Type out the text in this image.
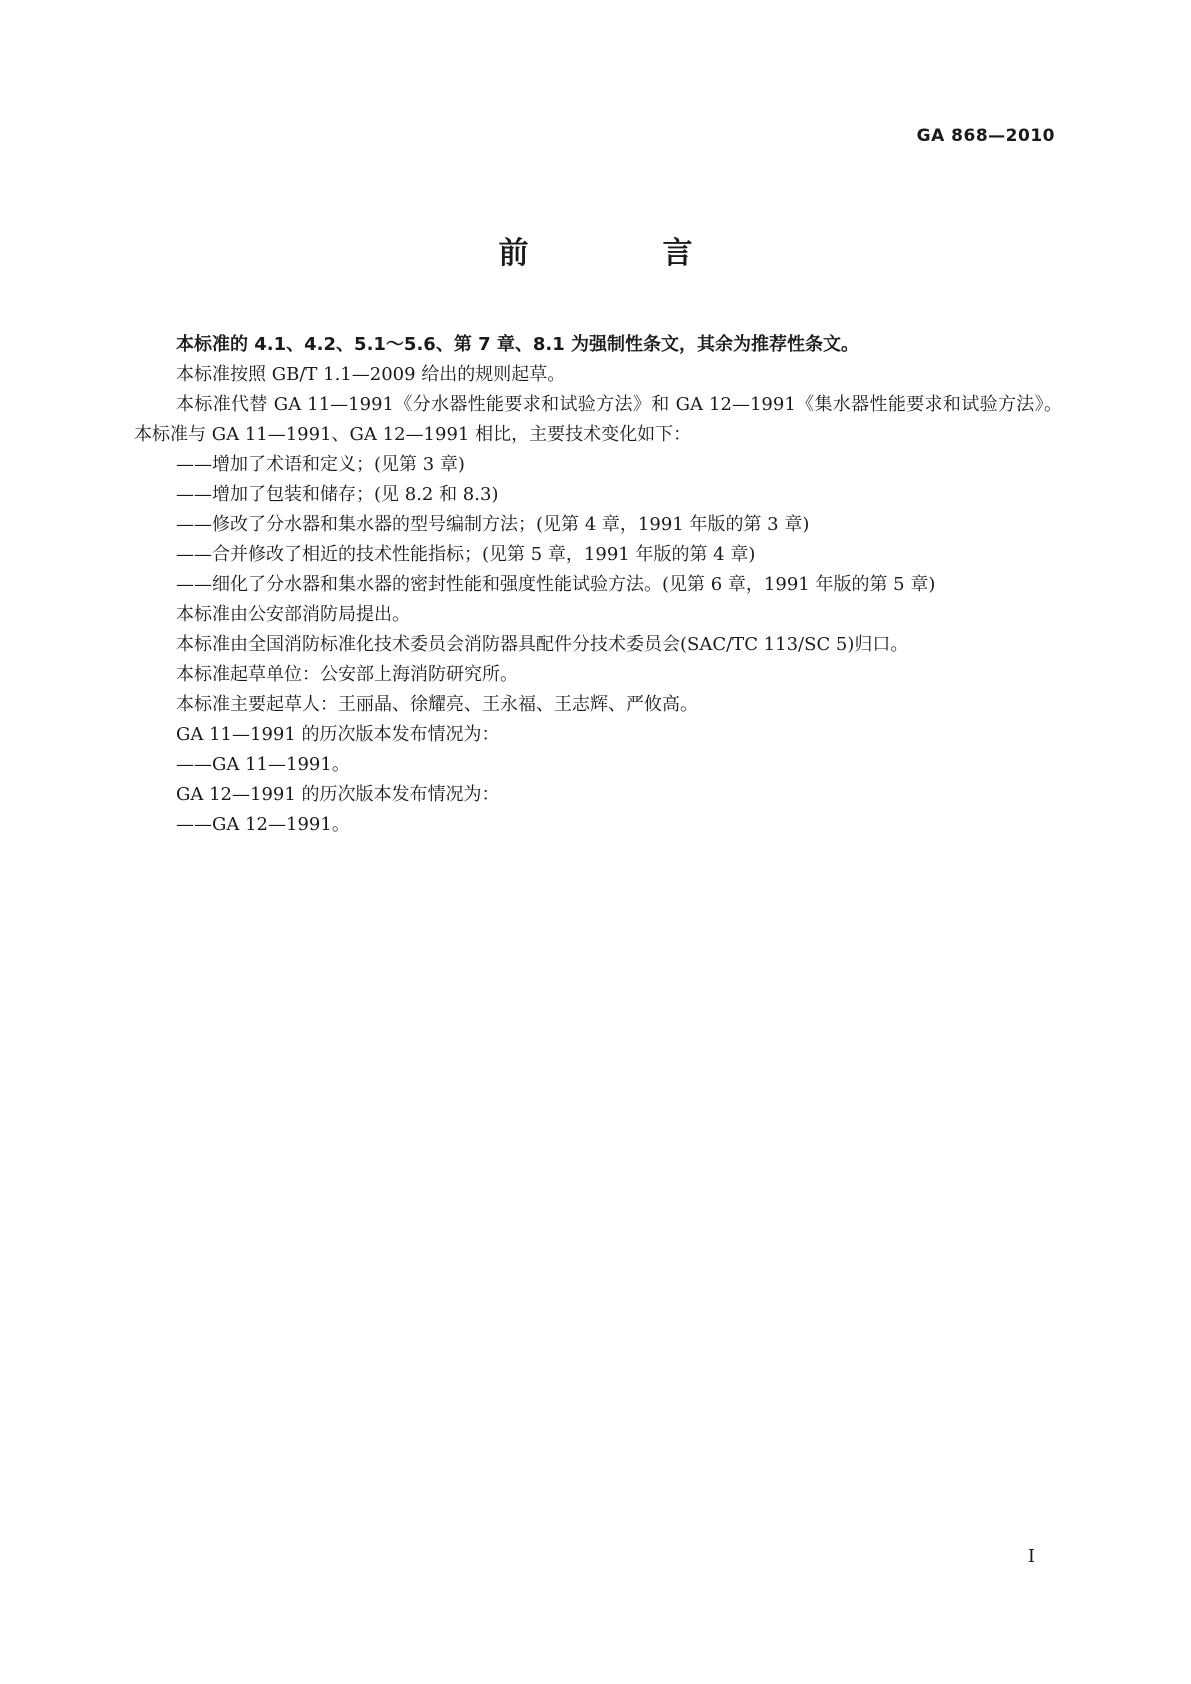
GA 868—2010
前　言

本标准的 4.1、4.2、5.1～5.6、第 7 章、8.1 为强制性条文，其余为推荐性条文。

本标准按照 GB/T 1.1—2009 给出的规则起草。

本标准代替 GA 11—1991《分水器性能要求和试验方法》和 GA 12—1991《集水器性能要求和试验方法》。本标准与 GA 11—1991、GA 12—1991 相比，主要技术变化如下：

——增加了术语和定义；(见第 3 章)

——增加了包装和储存；(见 8.2 和 8.3)

——修改了分水器和集水器的型号编制方法；(见第 4 章，1991 年版的第 3 章)

——合并修改了相近的技术性能指标；(见第 5 章，1991 年版的第 4 章)

——细化了分水器和集水器的密封性能和强度性能试验方法。(见第 6 章，1991 年版的第 5 章)

本标准由公安部消防局提出。

本标准由全国消防标准化技术委员会消防器具配件分技术委员会(SAC/TC 113/SC 5)归口。

本标准起草单位：公安部上海消防研究所。

本标准主要起草人：王丽晶、徐耀亮、王永福、王志辉、严攸高。

GA 11—1991 的历次版本发布情况为：

——GA 11—1991。

GA 12—1991 的历次版本发布情况为：

——GA 12—1991。

I
